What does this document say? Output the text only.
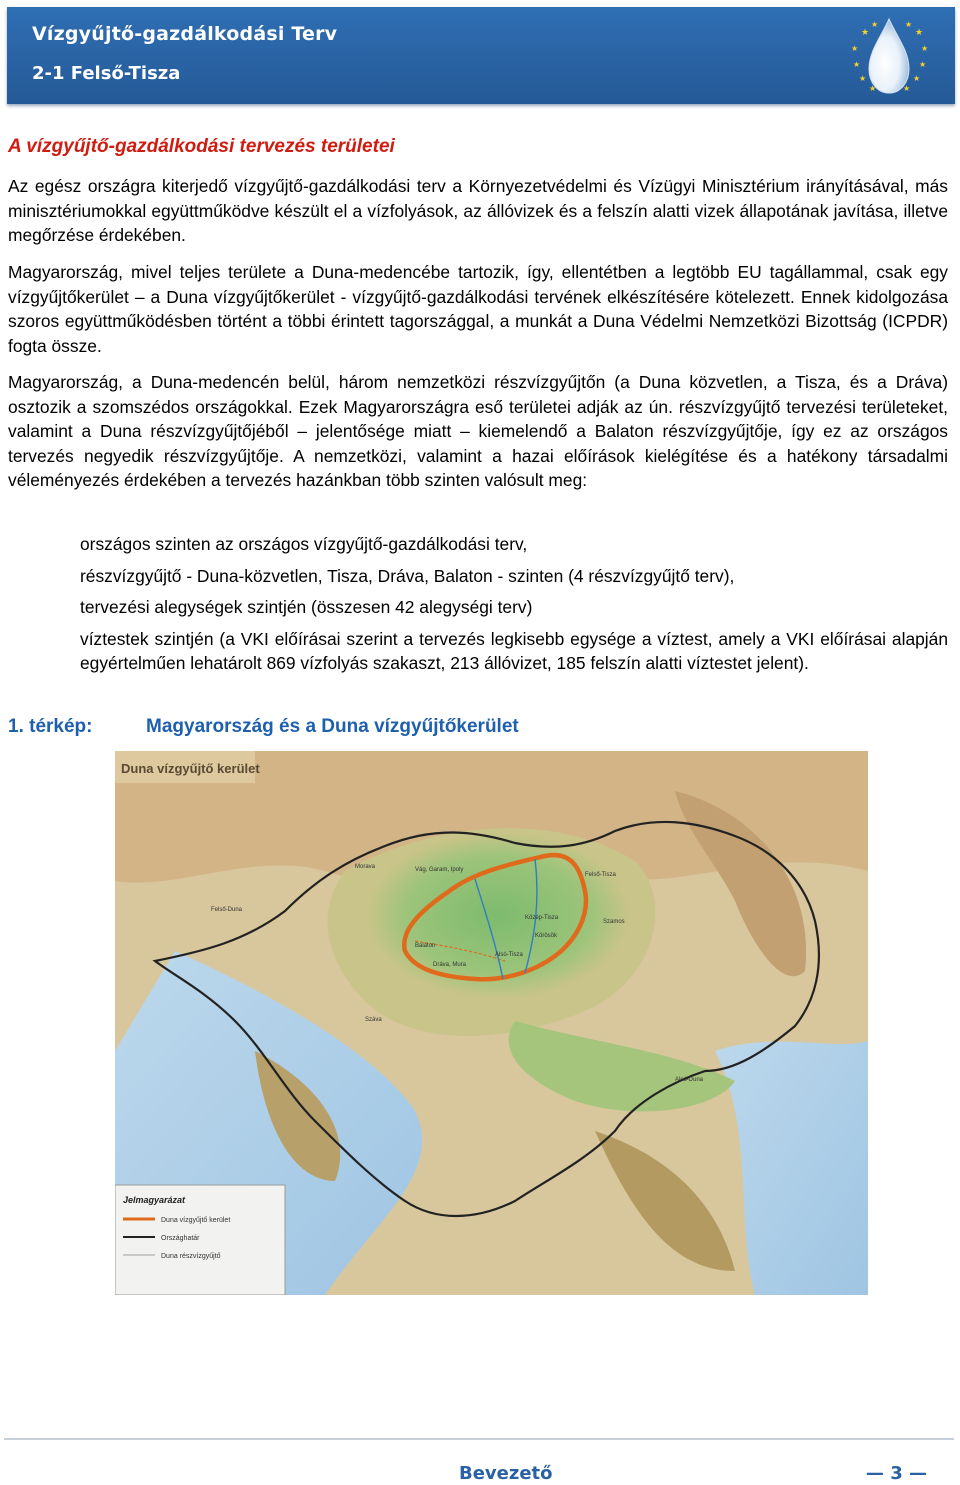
Vízgyűjtő-gazdálkodási Terv
2-1 Felső-Tisza
★
★	★
★
★	★
★	★
★	★
★	★
A vízgyűjtő-gazdálkodási tervezés területei

Az egész országra kiterjedő vízgyűjtő-gazdálkodási terv a Környezetvédelmi és Vízügyi Minisztérium irányításával, más minisztériumokkal együttműködve készült el a vízfolyások, az állóvizek és a felszín alatti vizek állapotának javítása, illetve megőrzése érdekében.

Magyarország, mivel teljes területe a Duna-medencébe tartozik, így, ellentétben a legtöbb EU tagállammal, csak egy vízgyűjtőkerület – a Duna vízgyűjtőkerület - vízgyűjtő-gazdálkodási tervének elkészítésére kötelezett. Ennek kidolgozása szoros együttműködésben történt a többi érintett tagországgal, a munkát a Duna Védelmi Nemzetközi Bizottság (ICPDR) fogta össze.

Magyarország, a Duna-medencén belül, három nemzetközi részvízgyűjtőn (a Duna közvetlen, a Tisza, és a Dráva) osztozik a szomszédos országokkal. Ezek Magyarországra eső területei adják az ún. részvízgyűjtő tervezési területeket, valamint a Duna részvízgyűjtőjéből – jelentősége miatt – kiemelendő a Balaton részvízgyűjtője, így ez az országos tervezés negyedik részvízgyűjtője. A nemzetközi, valamint a hazai előírások kielégítése és a hatékony társadalmi véleményezés érdekében a tervezés hazánkban több szinten valósult meg:

országos szinten az országos vízgyűjtő-gazdálkodási terv,
részvízgyűjtő - Duna-közvetlen, Tisza, Dráva, Balaton - szinten (4 részvízgyűjtő terv),
tervezési alegységek szintjén (összesen 42 alegységi terv)
víztestek szintjén (a VKI előírásai szerint a tervezés legkisebb egysége a víztest, amely a VKI előírásai alapján egyértelműen lehatárolt 869 vízfolyás szakaszt, 213 állóvizet, 185 felszín alatti víztestet jelent).
1. térkép:	Magyarország és a Duna vízgyűjtőkerület
Duna vízgyűjtő kerület
Morava
Felső-Duna
Vág, Garam, Ipoly
Felső-Tisza
Szamos
Közép-Tisza
Körösök
Alsó-Tisza
Dráva, Mura
Száva
Balaton
Alsó-Duna
Jelmagyarázat
Duna vízgyűjtő kerület
Országhatár
Duna részvízgyűjtő
Bevezető	— 3 —
